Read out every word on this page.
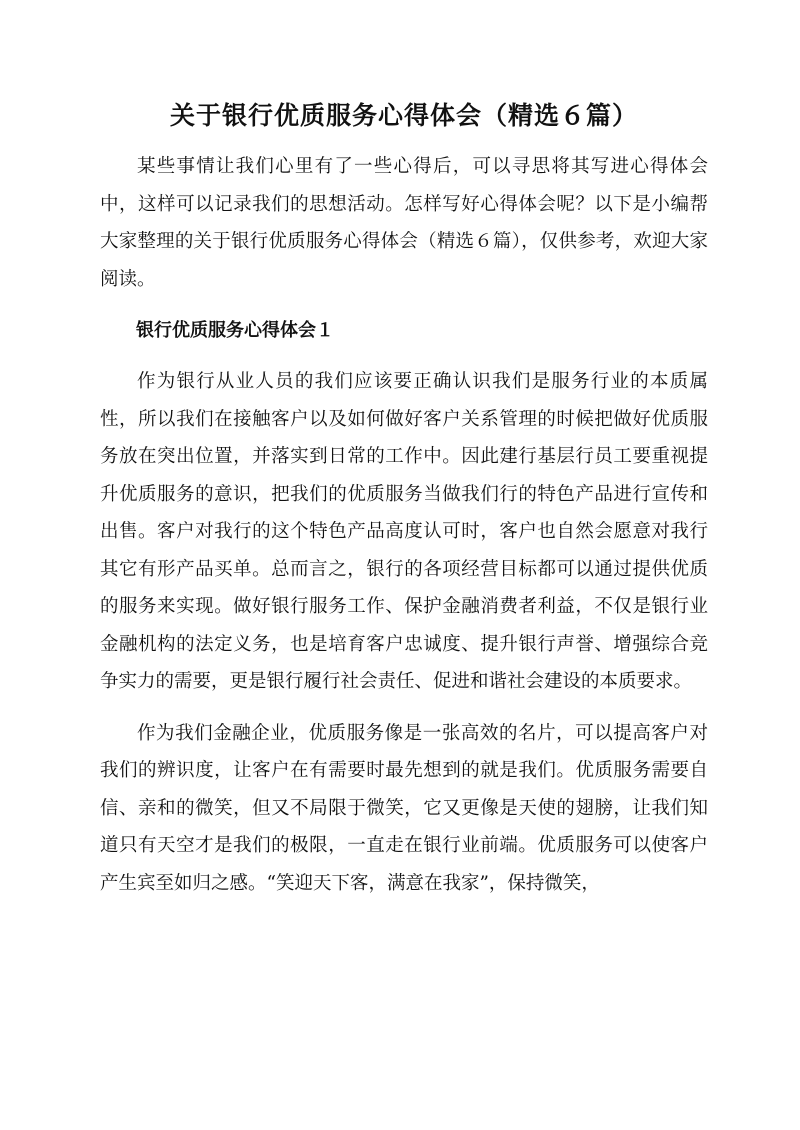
关于银行优质服务心得体会（精选６篇）

某些事情让我们心里有了一些心得后，可以寻思将其写进心得体会中，这样可以记录我们的思想活动。怎样写好心得体会呢？以下是小编帮大家整理的关于银行优质服务心得体会（精选６篇），仅供参考，欢迎大家阅读。

银行优质服务心得体会１

作为银行从业人员的我们应该要正确认识我们是服务行业的本质属性，所以我们在接触客户以及如何做好客户关系管理的时候把做好优质服务放在突出位置，并落实到日常的工作中。因此建行基层行员工要重视提升优质服务的意识，把我们的优质服务当做我们行的特色产品进行宣传和出售。客户对我行的这个特色产品高度认可时，客户也自然会愿意对我行其它有形产品买单。总而言之，银行的各项经营目标都可以通过提供优质的服务来实现。做好银行服务工作、保护金融消费者利益，不仅是银行业金融机构的法定义务，也是培育客户忠诚度、提升银行声誉、增强综合竞争实力的需要，更是银行履行社会责任、促进和谐社会建设的本质要求。

作为我们金融企业，优质服务像是一张高效的名片，可以提高客户对我们的辨识度，让客户在有需要时最先想到的就是我们。优质服务需要自信、亲和的微笑，但又不局限于微笑，它又更像是天使的翅膀，让我们知道只有天空才是我们的极限，一直走在银行业前端。优质服务可以使客户产生宾至如归之感。“笑迎天下客，满意在我家”，保持微笑，
